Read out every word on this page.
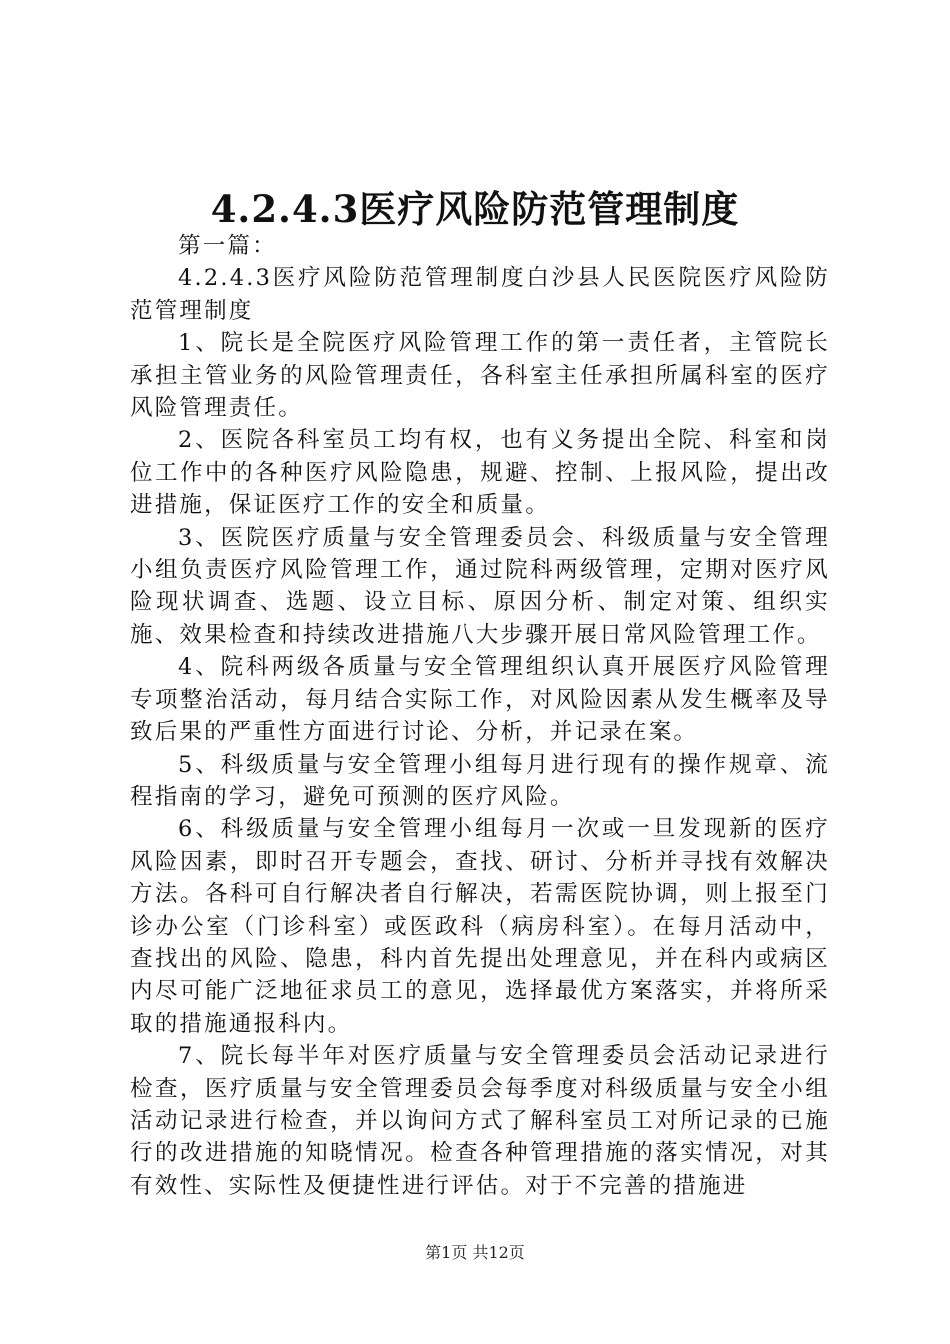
4.2.4.3医疗风险防范管理制度

第一篇：

4.2.4.3医疗风险防范管理制度白沙县人民医院医疗风险防范管理制度

1、院长是全院医疗风险管理工作的第一责任者，主管院长承担主管业务的风险管理责任，各科室主任承担所属科室的医疗风险管理责任。

2、医院各科室员工均有权，也有义务提出全院、科室和岗位工作中的各种医疗风险隐患，规避、控制、上报风险，提出改进措施，保证医疗工作的安全和质量。

3、医院医疗质量与安全管理委员会、科级质量与安全管理小组负责医疗风险管理工作，通过院科两级管理，定期对医疗风险现状调查、选题、设立目标、原因分析、制定对策、组织实施、效果检查和持续改进措施八大步骤开展日常风险管理工作。

4、院科两级各质量与安全管理组织认真开展医疗风险管理专项整治活动，每月结合实际工作，对风险因素从发生概率及导致后果的严重性方面进行讨论、分析，并记录在案。

5、科级质量与安全管理小组每月进行现有的操作规章、流程指南的学习，避免可预测的医疗风险。

6、科级质量与安全管理小组每月一次或一旦发现新的医疗风险因素，即时召开专题会，查找、研讨、分析并寻找有效解决方法。各科可自行解决者自行解决，若需医院协调，则上报至门诊办公室（门诊科室）或医政科（病房科室）。在每月活动中，查找出的风险、隐患，科内首先提出处理意见，并在科内或病区内尽可能广泛地征求员工的意见，选择最优方案落实，并将所采取的措施通报科内。

7、院长每半年对医疗质量与安全管理委员会活动记录进行检查，医疗质量与安全管理委员会每季度对科级质量与安全小组活动记录进行检查，并以询问方式了解科室员工对所记录的已施行的改进措施的知晓情况。检查各种管理措施的落实情况，对其有效性、实际性及便捷性进行评估。对于不完善的措施进

第1页 共12页
